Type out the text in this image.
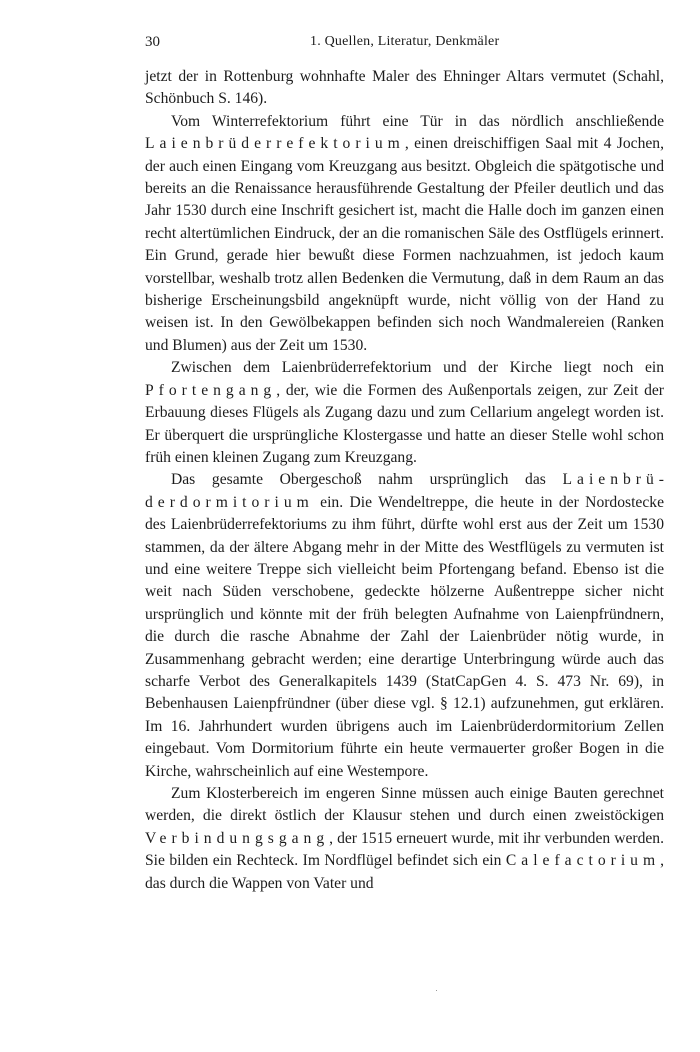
30	1. Quellen, Literatur, Denkmäler

jetzt der in Rottenburg wohnhafte Maler des Ehninger Altars vermutet (Schahl, Schönbuch S. 146).

Vom Winterrefektorium führt eine Tür in das nördlich anschließende Laienbrüderrefektorium, einen dreischiffigen Saal mit 4 Jochen, der auch einen Eingang vom Kreuzgang aus besitzt. Obgleich die spätgotische und bereits an die Renaissance herausführende Gestaltung der Pfeiler deutlich und das Jahr 1530 durch eine Inschrift gesichert ist, macht die Halle doch im ganzen einen recht altertümlichen Eindruck, der an die romanischen Säle des Ostflügels erinnert. Ein Grund, gerade hier bewußt diese Formen nachzuahmen, ist jedoch kaum vorstellbar, weshalb trotz allen Bedenken die Vermutung, daß in dem Raum an das bisherige Erscheinungsbild angeknüpft wurde, nicht völlig von der Hand zu weisen ist. In den Gewölbekappen befinden sich noch Wandmalereien (Ranken und Blumen) aus der Zeit um 1530.

Zwischen dem Laienbrüderrefektorium und der Kirche liegt noch ein Pfortengang, der, wie die Formen des Außenportals zeigen, zur Zeit der Erbauung dieses Flügels als Zugang dazu und zum Cellarium angelegt worden ist. Er überquert die ursprüngliche Klostergasse und hatte an dieser Stelle wohl schon früh einen kleinen Zugang zum Kreuzgang.

Das gesamte Obergeschoß nahm ursprünglich das Laienbrüderdormitorium ein. Die Wendeltreppe, die heute in der Nordostecke des Laienbrüderrefektoriums zu ihm führt, dürfte wohl erst aus der Zeit um 1530 stammen, da der ältere Abgang mehr in der Mitte des Westflügels zu vermuten ist und eine weitere Treppe sich vielleicht beim Pfortengang befand. Ebenso ist die weit nach Süden verschobene, gedeckte hölzerne Außentreppe sicher nicht ursprünglich und könnte mit der früh belegten Aufnahme von Laienpfründnern, die durch die rasche Abnahme der Zahl der Laienbrüder nötig wurde, in Zusammenhang gebracht werden; eine derartige Unterbringung würde auch das scharfe Verbot des Generalkapitels 1439 (StatCapGen 4. S. 473 Nr. 69), in Bebenhausen Laienpfründner (über diese vgl. § 12.1) aufzunehmen, gut erklären. Im 16. Jahrhundert wurden übrigens auch im Laienbrüderdormitorium Zellen eingebaut. Vom Dormitorium führte ein heute vermauerter großer Bogen in die Kirche, wahrscheinlich auf eine Westempore.

Zum Klosterbereich im engeren Sinne müssen auch einige Bauten gerechnet werden, die direkt östlich der Klausur stehen und durch einen zweistöckigen Verbindungsgang, der 1515 erneuert wurde, mit ihr verbunden werden. Sie bilden ein Rechteck. Im Nordflügel befindet sich ein Calefactorium, das durch die Wappen von Vater und
